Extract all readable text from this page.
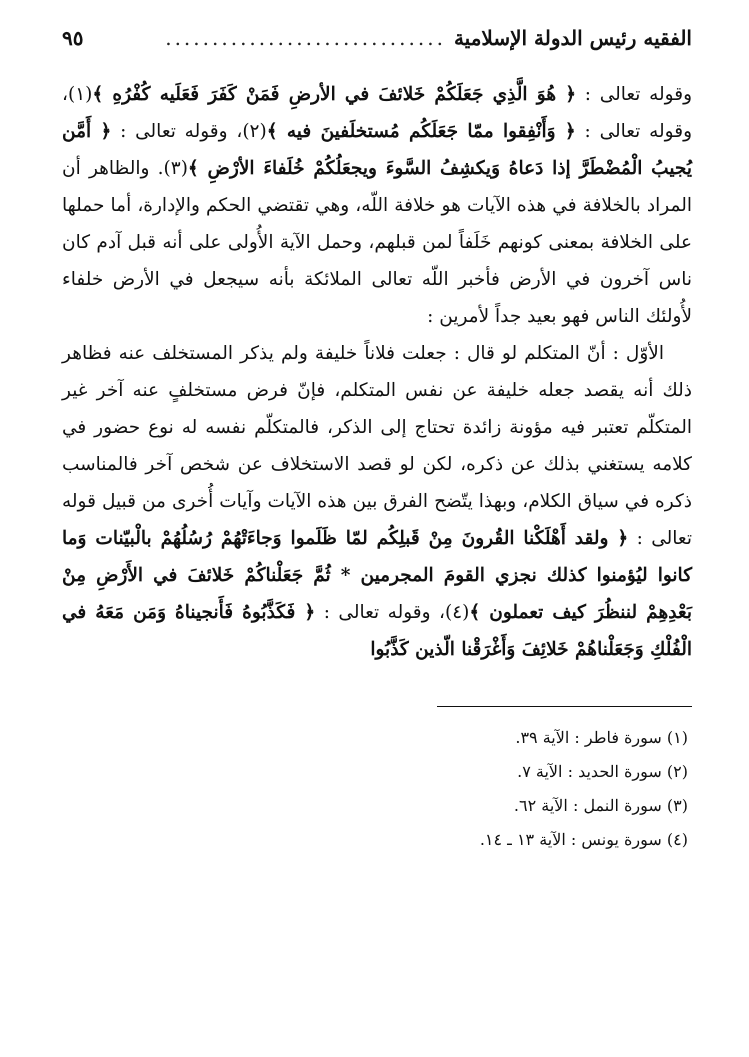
الفقيه رئيس الدولة الإسلامية
..............................
٩٥

وقوله تعالى : ﴿ هُوَ الَّذِي جَعَلَكُمْ خَلائفَ في الأرضِ فَمَنْ كَفَرَ فَعَلَيه كُفْرُهِ ﴾(١)، وقوله تعالى : ﴿ وَأَنْفِقوا ممّا جَعَلَكُم مُستخلَفينَ فيه ﴾(٢)، وقوله تعالى : ﴿ أَمَّن يُجيبُ الْمُضْطَرَّ إذا دَعاهُ وَيكشِفُ السَّوءَ ويجعَلُكُمْ خُلَفاءَ الأرْضِ ﴾(٣). والظاهر أن المراد بالخلافة في هذه الآيات هو خلافة اللّه، وهي تقتضي الحكم والإدارة، أما حملها على الخلافة بمعنى كونهم خَلَفاً لمن قبلهم، وحمل الآية الأُولى على أنه قبل آدم كان ناس آخرون في الأرض فأخبر اللّه تعالى الملائكة بأنه سيجعل في الأرض خلفاء لأُولئك الناس فهو بعيد جداً لأمرين :

الأوّل : أنّ المتكلم لو قال : جعلت فلاناً خليفة ولم يذكر المستخلف عنه فظاهر ذلك أنه يقصد جعله خليفة عن نفس المتكلم، فإنّ فرض مستخلفٍ عنه آخر غير المتكلّم تعتبر فيه مؤونة زائدة تحتاج إلى الذكر، فالمتكلّم نفسه له نوع حضور في كلامه يستغني بذلك عن ذكره، لكن لو قصد الاستخلاف عن شخص آخر فالمناسب ذكره في سياق الكلام، وبهذا يتّضح الفرق بين هذه الآيات وآيات أُخرى من قبيل قوله تعالى : ﴿ ولقد أَهْلَكْنا القُرونَ مِنْ قَبلِكُم لمّا ظَلَموا وَجاءَتْهُمْ رُسُلُهُمْ بالْبيّنات وَما كانوا ليُؤمنوا كذلك نجزي القومَ المجرمين * ثُمَّ جَعَلْناكُمْ خَلائفَ في الأَرْضِ مِنْ بَعْدِهِمْ لننظُرَ كيف تعملون ﴾(٤)، وقوله تعالى : ﴿ فَكَذَّبُوهُ فَأَنجيناهُ وَمَن مَعَهُ في الْفُلْكِ وَجَعَلْناهُمْ خَلائِفَ وَأَغْرَقْنا الّذين كَذَّبُوا

(١) سورة فاطر : الآية ٣٩.
(٢) سورة الحديد : الآية ٧.
(٣) سورة النمل : الآية ٦٢.
(٤) سورة يونس : الآية ١٣ ـ ١٤.
